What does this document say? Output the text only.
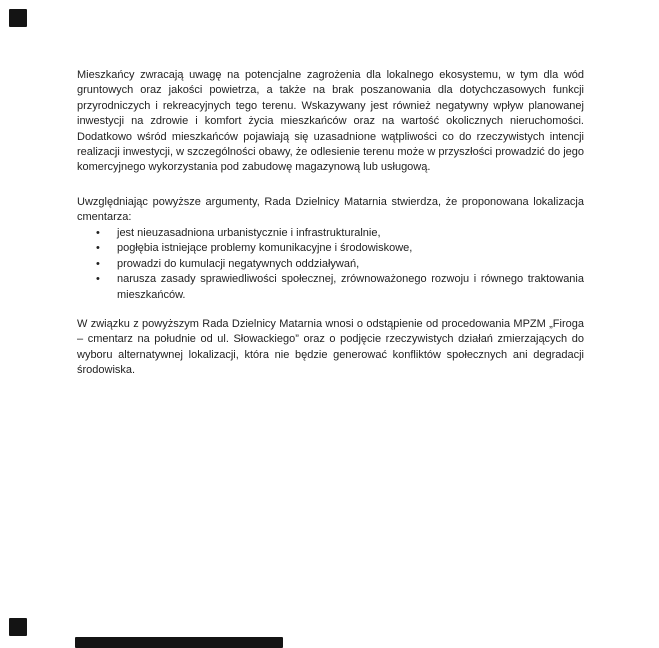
Mieszkańcy zwracają uwagę na potencjalne zagrożenia dla lokalnego ekosystemu, w tym dla wód gruntowych oraz jakości powietrza, a także na brak poszanowania dla dotychczasowych funkcji przyrodniczych i rekreacyjnych tego terenu. Wskazywany jest również negatywny wpływ planowanej inwestycji na zdrowie i komfort życia mieszkańców oraz na wartość okolicznych nieruchomości. Dodatkowo wśród mieszkańców pojawiają się uzasadnione wątpliwości co do rzeczywistych intencji realizacji inwestycji, w szczególności obawy, że odlesienie terenu może w przyszłości prowadzić do jego komercyjnego wykorzystania pod zabudowę magazynową lub usługową.

Uwzględniając powyższe argumenty, Rada Dzielnicy Matarnia stwierdza, że proponowana lokalizacja cmentarza:

• jest nieuzasadniona urbanistycznie i infrastrukturalnie,
• pogłębia istniejące problemy komunikacyjne i środowiskowe,
• prowadzi do kumulacji negatywnych oddziaływań,
• narusza zasady sprawiedliwości społecznej, zrównoważonego rozwoju i równego traktowania mieszkańców.

W związku z powyższym Rada Dzielnicy Matarnia wnosi o odstąpienie od procedowania MPZM „Firoga – cmentarz na południe od ul. Słowackiego” oraz o podjęcie rzeczywistych działań zmierzających do wyboru alternatywnej lokalizacji, która nie będzie generować konfliktów społecznych ani degradacji środowiska.
